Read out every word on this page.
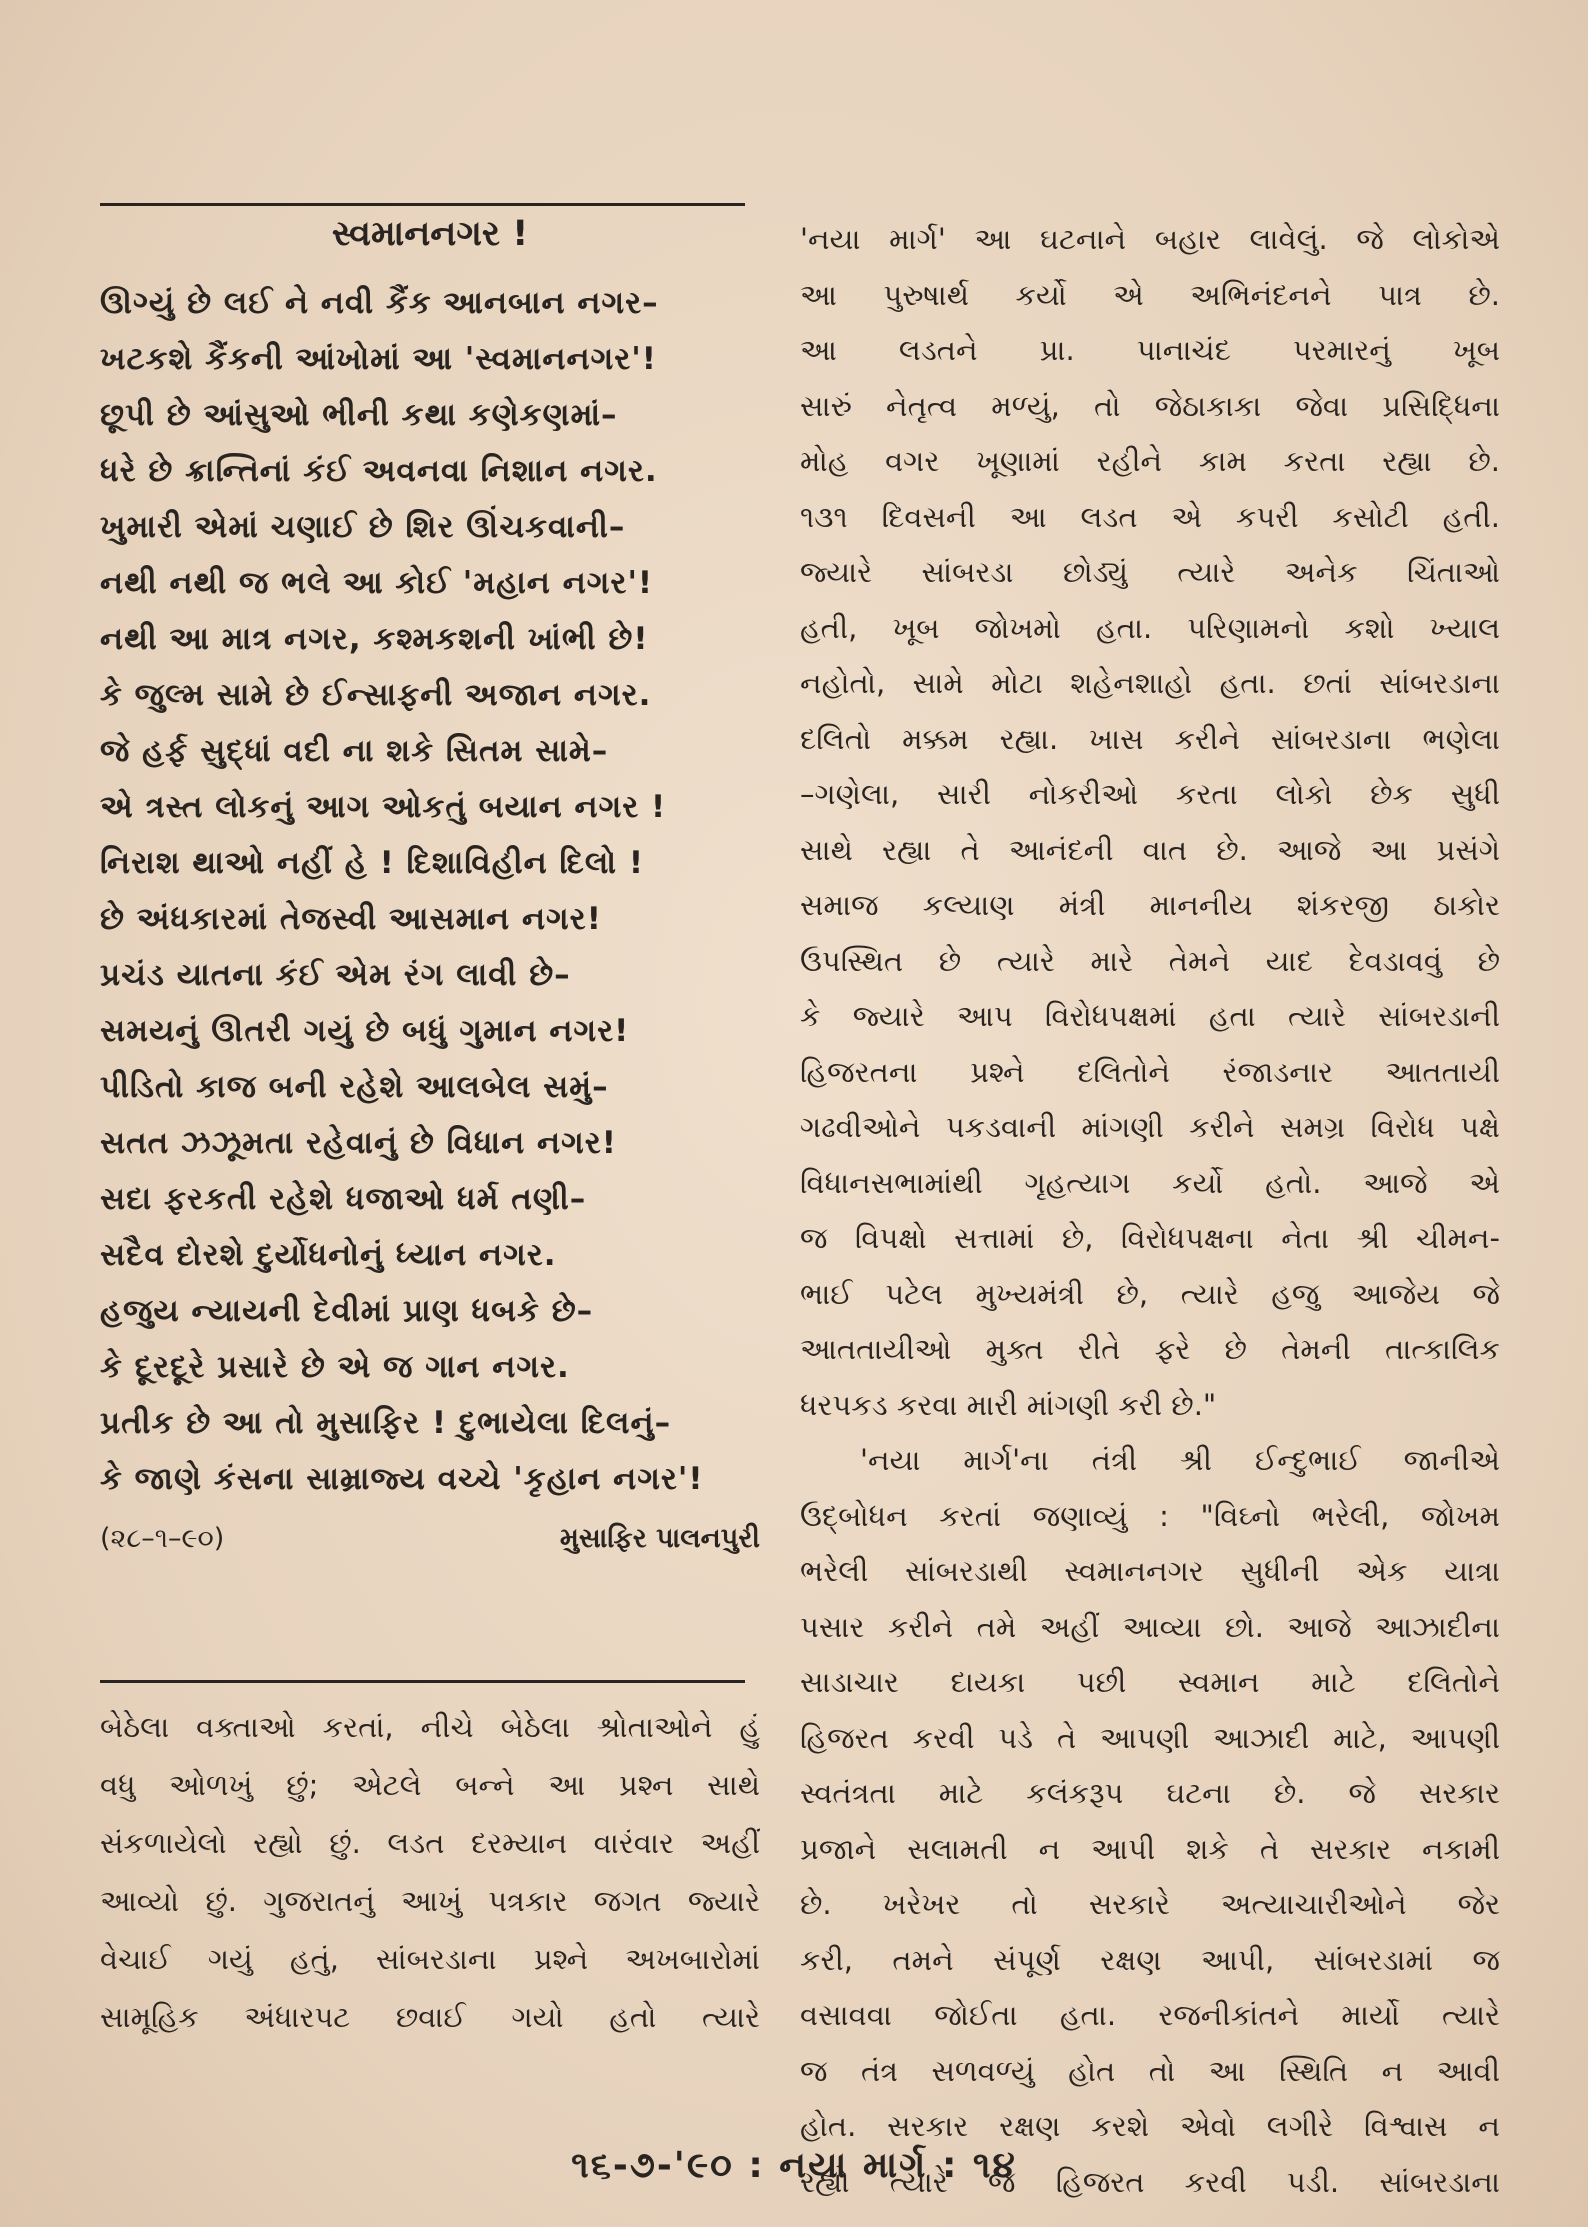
સ્વમાનનગર !
ઊગ્યું છે લઈ ને નવી કૈંક આનબાન નગર–
ખટકશે કૈંકની આંખોમાં આ 'સ્વમાનનગર'!
છૂપી છે આંસુઓ ભીની કથા કણેકણમાં–
ધરે છે ક્રાન્તિનાં કંઈ અવનવા નિશાન નગર.
ખુમારી એમાં ચણાઈ છે શિર ઊંચકવાની–
નથી નથી જ ભલે આ કોઈ 'મહાન નગર'!
નથી આ માત્ર નગર, કશ્મકશની ખાંભી છે!
કે જુલ્મ સામે છે ઈન્સાફની અજાન નગર.
જે હર્ફ સુદ્ધાં વદી ના શકે સિતમ સામે–
એ ત્રસ્ત લોકનું આગ ઓકતું બયાન નગર !
નિરાશ થાઓ નહીં હે ! દિશાવિહીન દિલો !
છે અંધકારમાં તેજસ્વી આસમાન નગર!
પ્રચંડ યાતના કંઈ એમ રંગ લાવી છે–
સમયનું ઊતરી ગયું છે બધું ગુમાન નગર!
પીડિતો કાજ બની રહેશે આલબેલ સમું–
સતત ઝઝૂમતા રહેવાનું છે વિધાન નગર!
સદા ફરકતી રહેશે ધજાઓ ધર્મ તણી–
સદૈવ દોરશે દુર્યોધનોનું ધ્યાન નગર.
હજુય ન્યાયની દેવીમાં પ્રાણ ધબકે છે–
કે દૂરદૂરે પ્રસારે છે એ જ ગાન નગર.
પ્રતીક છે આ તો મુસાફિર ! દુભાયેલા દિલનું–
કે જાણે કંસના સામ્રાજ્ય વચ્ચે 'કૃહાન નગર'!
(૨૮–૧–૯૦)	મુસાફિર પાલનપુરી
બેઠેલા વક્તાઓ કરતાં, નીચે બેઠેલા શ્રોતાઓને હું
વધુ ઓળખું છું; એટલે બન્ને આ પ્રશ્ન સાથે
સંકળાયેલો રહ્યો છું. લડત દરમ્યાન વારંવાર અહીં
આવ્યો છું. ગુજરાતનું આખું પત્રકાર જગત જ્યારે
વેચાઈ ગયું હતું, સાંબરડાના પ્રશ્ને અખબારોમાં
સામૂહિક અંધારપટ છવાઈ ગયો હતો ત્યારે
'નયા માર્ગ' આ ઘટનાને બહાર લાવેલું. જે લોકોએ
આ પુરુષાર્થ કર્યો એ અભિનંદનને પાત્ર છે.
આ લડતને પ્રા. પાનાચંદ પરમારનું ખૂબ
સારું નેતૃત્વ મળ્યું, તો જેઠાકાકા જેવા પ્રસિદ્ધિના
મોહ વગર ખૂણામાં રહીને કામ કરતા રહ્યા છે.
૧૩૧ દિવસની આ લડત એ કપરી કસોટી હતી.
જ્યારે સાંબરડા છોડ્યું ત્યારે અનેક ચિંતાઓ
હતી, ખૂબ જોખમો હતા. પરિણામનો કશો ખ્યાલ
નહોતો, સામે મોટા શહેનશાહો હતા. છતાં સાંબરડાના
દલિતો મક્કમ રહ્યા. ખાસ કરીને સાંબરડાના ભણેલા
–ગણેલા, સારી નોકરીઓ કરતા લોકો છેક સુધી
સાથે રહ્યા તે આનંદની વાત છે. આજે આ પ્રસંગે
સમાજ કલ્યાણ મંત્રી માનનીય શંકરજી ઠાકોર
ઉપસ્થિત છે ત્યારે મારે તેમને યાદ દેવડાવવું છે
કે જ્યારે આપ વિરોધપક્ષમાં હતા ત્યારે સાંબરડાની
હિજરતના પ્રશ્ને દલિતોને રંજાડનાર આતતાયી
ગઢવીઓને પકડવાની માંગણી કરીને સમગ્ર વિરોધ પક્ષે
વિધાનસભામાંથી ગૃહત્યાગ કર્યો હતો. આજે એ
જ વિપક્ષો સત્તામાં છે, વિરોધપક્ષના નેતા શ્રી ચીમન-
ભાઈ પટેલ મુખ્યમંત્રી છે, ત્યારે હજુ આજેય જે
આતતાયીઓ મુક્ત રીતે ફરે છે તેમની તાત્કાલિક
ધરપકડ કરવા મારી માંગણી કરી છે."
'નયા માર્ગ'ના તંત્રી શ્રી ઈન્દુભાઈ જાનીએ
ઉદ્બોધન કરતાં જણાવ્યું : "વિઘ્નો ભરેલી, જોખમ
ભરેલી સાંબરડાથી સ્વમાનનગર સુધીની એક યાત્રા
પસાર કરીને તમે અહીં આવ્યા છો. આજે આઝાદીના
સાડાચાર દાયકા પછી સ્વમાન માટે દલિતોને
હિજરત કરવી પડે તે આપણી આઝાદી માટે, આપણી
સ્વતંત્રતા માટે કલંકરૂપ ઘટના છે. જે સરકાર
પ્રજાને સલામતી ન આપી શકે તે સરકાર નકામી
છે. ખરેખર તો સરકારે અત્યાચારીઓને જેર
કરી, તમને સંપૂર્ણ રક્ષણ આપી, સાંબરડામાં જ
વસાવવા જોઈતા હતા. રજનીકાંતને માર્યો ત્યારે
જ તંત્ર સળવળ્યું હોત તો આ સ્થિતિ ન આવી
હોત. સરકાર રક્ષણ કરશે એવો લગીરે વિશ્વાસ ન
રહ્યો ત્યારે જ હિજરત કરવી પડી. સાંબરડાના
૧૬-૭-'૯૦ : નયા માર્ગ : ૧૪
